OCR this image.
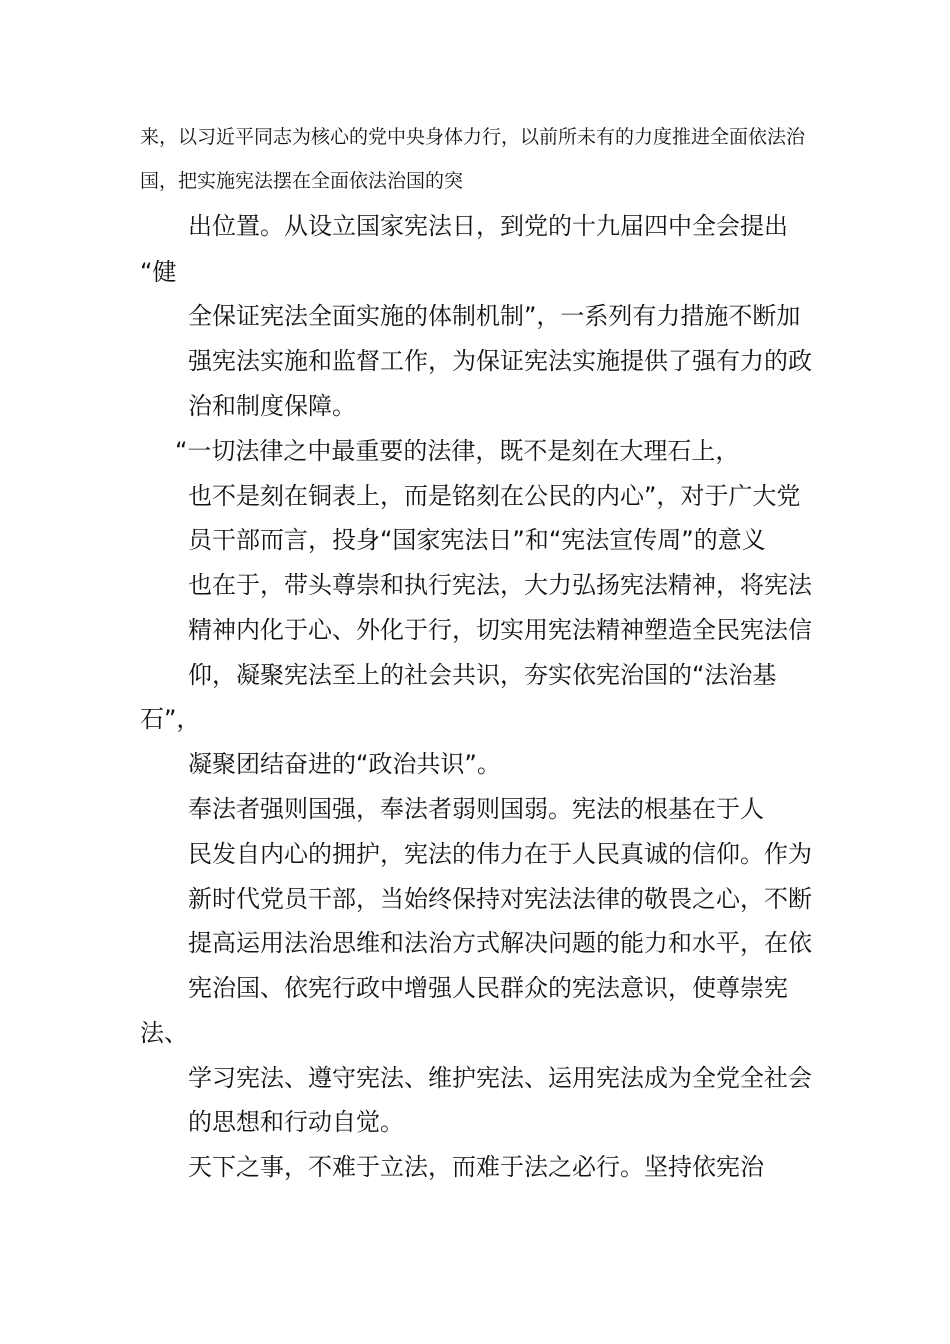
来，以习近平同志为核心的党中央身体力行，以前所未有的力度推进全面依法治

国，把实施宪法摆在全面依法治国的突

出位置。从设立国家宪法日，到党的十九届四中全会提出

“健

全保证宪法全面实施的体制机制”，一系列有力措施不断加

强宪法实施和监督工作，为保证宪法实施提供了强有力的政

治和制度保障。

“一切法律之中最重要的法律，既不是刻在大理石上，

也不是刻在铜表上，而是铭刻在公民的内心”，对于广大党

员干部而言，投身“国家宪法日”和“宪法宣传周”的意义

也在于，带头尊崇和执行宪法，大力弘扬宪法精神，将宪法

精神内化于心、外化于行，切实用宪法精神塑造全民宪法信

仰，凝聚宪法至上的社会共识，夯实依宪治国的“法治基

石”，

凝聚团结奋进的“政治共识”。

奉法者强则国强，奉法者弱则国弱。宪法的根基在于人

民发自内心的拥护，宪法的伟力在于人民真诚的信仰。作为

新时代党员干部，当始终保持对宪法法律的敬畏之心，不断

提高运用法治思维和法治方式解决问题的能力和水平，在依

宪治国、依宪行政中增强人民群众的宪法意识，使尊崇宪

法、

学习宪法、遵守宪法、维护宪法、运用宪法成为全党全社会

的思想和行动自觉。

天下之事，不难于立法，而难于法之必行。坚持依宪治
